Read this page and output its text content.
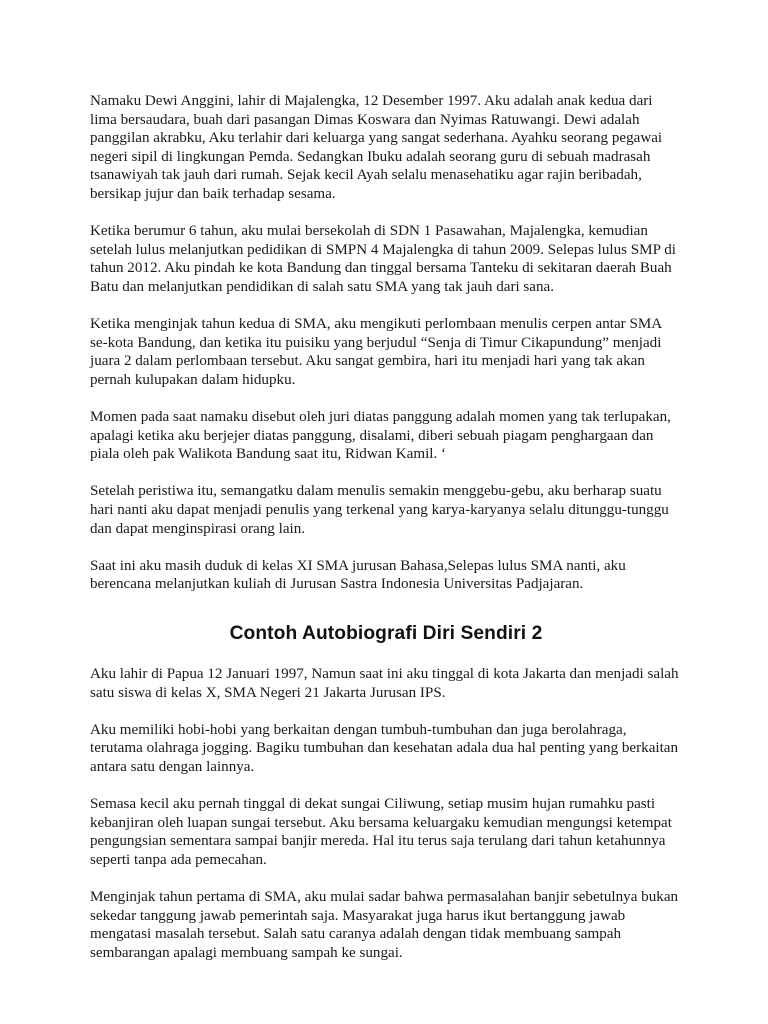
Namaku Dewi Anggini, lahir di Majalengka, 12 Desember 1997. Aku adalah anak kedua dari
lima bersaudara, buah dari pasangan Dimas Koswara dan Nyimas Ratuwangi. Dewi adalah
panggilan akrabku, Aku terlahir dari keluarga yang sangat sederhana. Ayahku seorang pegawai
negeri sipil di lingkungan Pemda. Sedangkan Ibuku adalah seorang guru di sebuah madrasah
tsanawiyah tak jauh dari rumah. Sejak kecil Ayah selalu menasehatiku agar rajin beribadah,
bersikap jujur dan baik terhadap sesama.

Ketika berumur 6 tahun, aku mulai bersekolah di SDN 1 Pasawahan, Majalengka, kemudian
setelah lulus melanjutkan pedidikan di SMPN 4 Majalengka di tahun 2009. Selepas lulus SMP di
tahun 2012. Aku pindah ke kota Bandung dan tinggal bersama Tanteku di sekitaran daerah Buah
Batu dan melanjutkan pendidikan di salah satu SMA yang tak jauh dari sana.

Ketika menginjak tahun kedua di SMA, aku mengikuti perlombaan menulis cerpen antar SMA
se-kota Bandung, dan ketika itu puisiku yang berjudul “Senja di Timur Cikapundung” menjadi
juara 2 dalam perlombaan tersebut. Aku sangat gembira, hari itu menjadi hari yang tak akan
pernah kulupakan dalam hidupku.

Momen pada saat namaku disebut oleh juri diatas panggung adalah momen yang tak terlupakan,
apalagi ketika aku berjejer diatas panggung, disalami, diberi sebuah piagam penghargaan dan
piala oleh pak Walikota Bandung saat itu, Ridwan Kamil. ‘

Setelah peristiwa itu, semangatku dalam menulis semakin menggebu-gebu, aku berharap suatu
hari nanti aku dapat menjadi penulis yang terkenal yang karya-karyanya selalu ditunggu-tunggu
dan dapat menginspirasi orang lain.

Saat ini aku masih duduk di kelas XI SMA jurusan Bahasa,Selepas lulus SMA nanti, aku
berencana melanjutkan kuliah di Jurusan Sastra Indonesia Universitas Padjajaran.

Contoh Autobiografi Diri Sendiri 2

Aku lahir di Papua 12 Januari 1997, Namun saat ini aku tinggal di kota Jakarta dan menjadi salah
satu siswa di kelas X, SMA Negeri 21 Jakarta Jurusan IPS.

Aku memiliki hobi-hobi yang berkaitan dengan tumbuh-tumbuhan dan juga berolahraga,
terutama olahraga jogging. Bagiku tumbuhan dan kesehatan adala dua hal penting yang berkaitan
antara satu dengan lainnya.

Semasa kecil aku pernah tinggal di dekat sungai Ciliwung, setiap musim hujan rumahku pasti
kebanjiran oleh luapan sungai tersebut. Aku bersama keluargaku kemudian mengungsi ketempat
pengungsian sementara sampai banjir mereda. Hal itu terus saja terulang dari tahun ketahunnya
seperti tanpa ada pemecahan.

Menginjak tahun pertama di SMA, aku mulai sadar bahwa permasalahan banjir sebetulnya bukan
sekedar tanggung jawab pemerintah saja. Masyarakat juga harus ikut bertanggung jawab
mengatasi masalah tersebut. Salah satu caranya adalah dengan tidak membuang sampah
sembarangan apalagi membuang sampah ke sungai.
